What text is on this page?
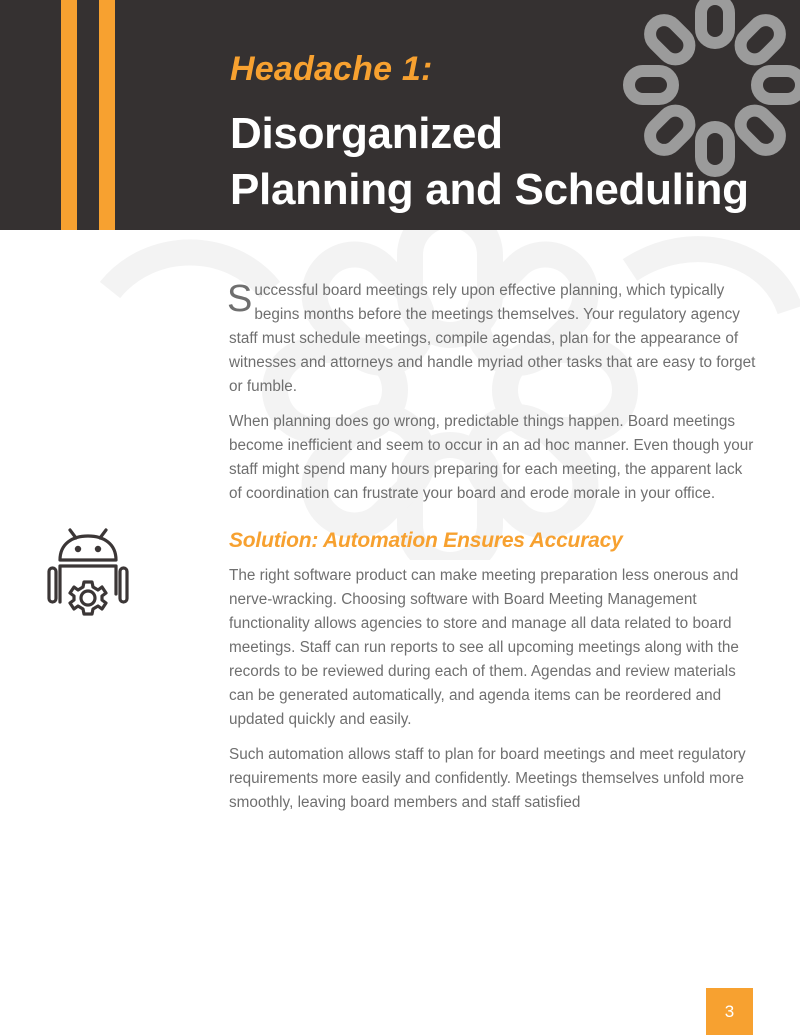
Headache 1:
Disorganized
Planning and Scheduling

Successful board meetings rely upon effective planning, which typically begins months before the meetings themselves. Your regulatory agency staff must schedule meetings, compile agendas, plan for the appearance of witnesses and attorneys and handle myriad other tasks that are easy to forget or fumble.

When planning does go wrong, predictable things happen. Board meetings become inefficient and seem to occur in an ad hoc manner. Even though your staff might spend many hours preparing for each meeting, the apparent lack of coordination can frustrate your board and erode morale in your office.

Solution: Automation Ensures Accuracy

The right software product can make meeting preparation less onerous and nerve-wracking. Choosing software with Board Meeting Management functionality allows agencies to store and manage all data related to board meetings. Staff can run reports to see all upcoming meetings along with the records to be reviewed during each of them. Agendas and review materials can be generated automatically, and agenda items can be reordered and updated quickly and easily.

Such automation allows staff to plan for board meetings and meet regulatory requirements more easily and confidently. Meetings themselves unfold more smoothly, leaving board members and staff satisfied

3
